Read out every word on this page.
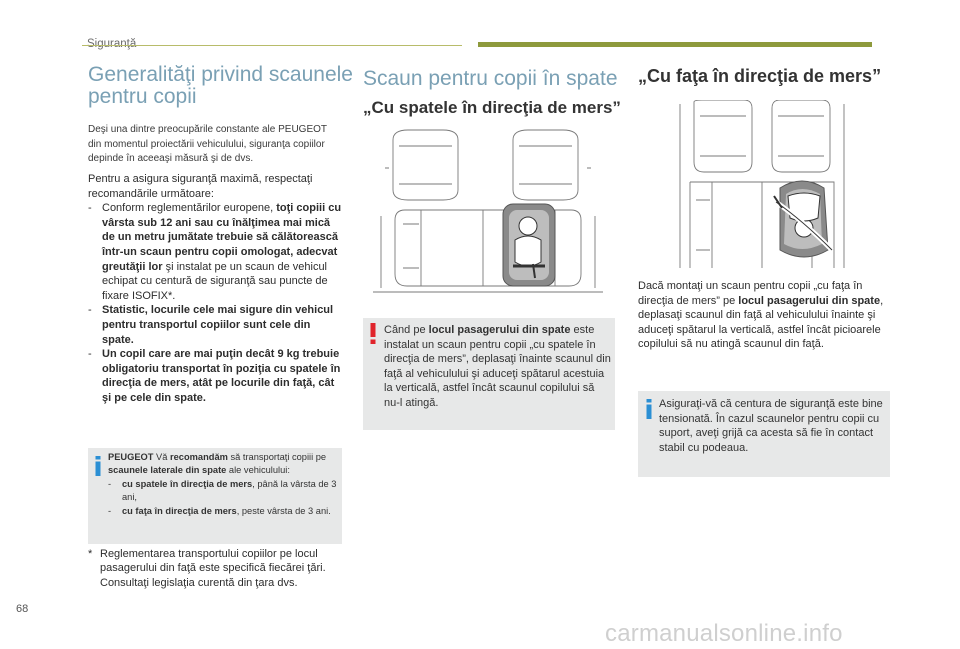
Siguranţă
Generalităţi privind scaunele pentru copii
Deşi una dintre preocupările constante ale PEUGEOT din momentul proiectării vehiculului, siguranţa copiilor depinde în aceeaşi măsură şi de dvs.
Pentru a asigura siguranţă maximă, respectaţi recomandările următoare:
- Conform reglementărilor europene, toţi copiii cu vârsta sub 12 ani sau cu înălţimea mai mică de un metru jumătate trebuie să călătorească într-un scaun pentru copii omologat, adecvat greutăţii lor şi instalat pe un scaun de vehicul echipat cu centură de siguranţă sau puncte de fixare ISOFIX*.
- Statistic, locurile cele mai sigure din vehicul pentru transportul copiilor sunt cele din spate.
- Un copil care are mai puţin decât 9 kg trebuie obligatoriu transportat în poziţia cu spatele în direcţia de mers, atât pe locurile din faţă, cât şi pe cele din spate.
PEUGEOT Vă recomandăm să transportaţi copiii pe scaunele laterale din spate ale vehiculului:
- cu spatele în direcţia de mers, până la vârsta de 3 ani,
- cu faţa în direcţia de mers, peste vârsta de 3 ani.
* Reglementarea transportului copiilor pe locul pasagerului din faţă este specifică fiecărei ţări. Consultaţi legislaţia curentă din ţara dvs.
Scaun pentru copii în spate
„Cu spatele în direcţia de mers”
Când pe locul pasagerului din spate este instalat un scaun pentru copii „cu spatele în direcţia de mers”, deplasaţi înainte scaunul din faţă al vehiculului şi aduceţi spătarul acestuia la verticală, astfel încât scaunul copilului să nu-l atingă.
„Cu faţa în direcţia de mers”
Dacă montaţi un scaun pentru copii „cu faţa în direcţia de mers” pe locul pasagerului din spate, deplasaţi scaunul din faţă al vehiculului înainte şi aduceţi spătarul la verticală, astfel încât picioarele copilului să nu atingă scaunul din faţă.
Asiguraţi-vă că centura de siguranţă este bine tensionată. În cazul scaunelor pentru copii cu suport, aveţi grijă ca acesta să fie în contact stabil cu podeaua.
68
carmanualsonline.info
